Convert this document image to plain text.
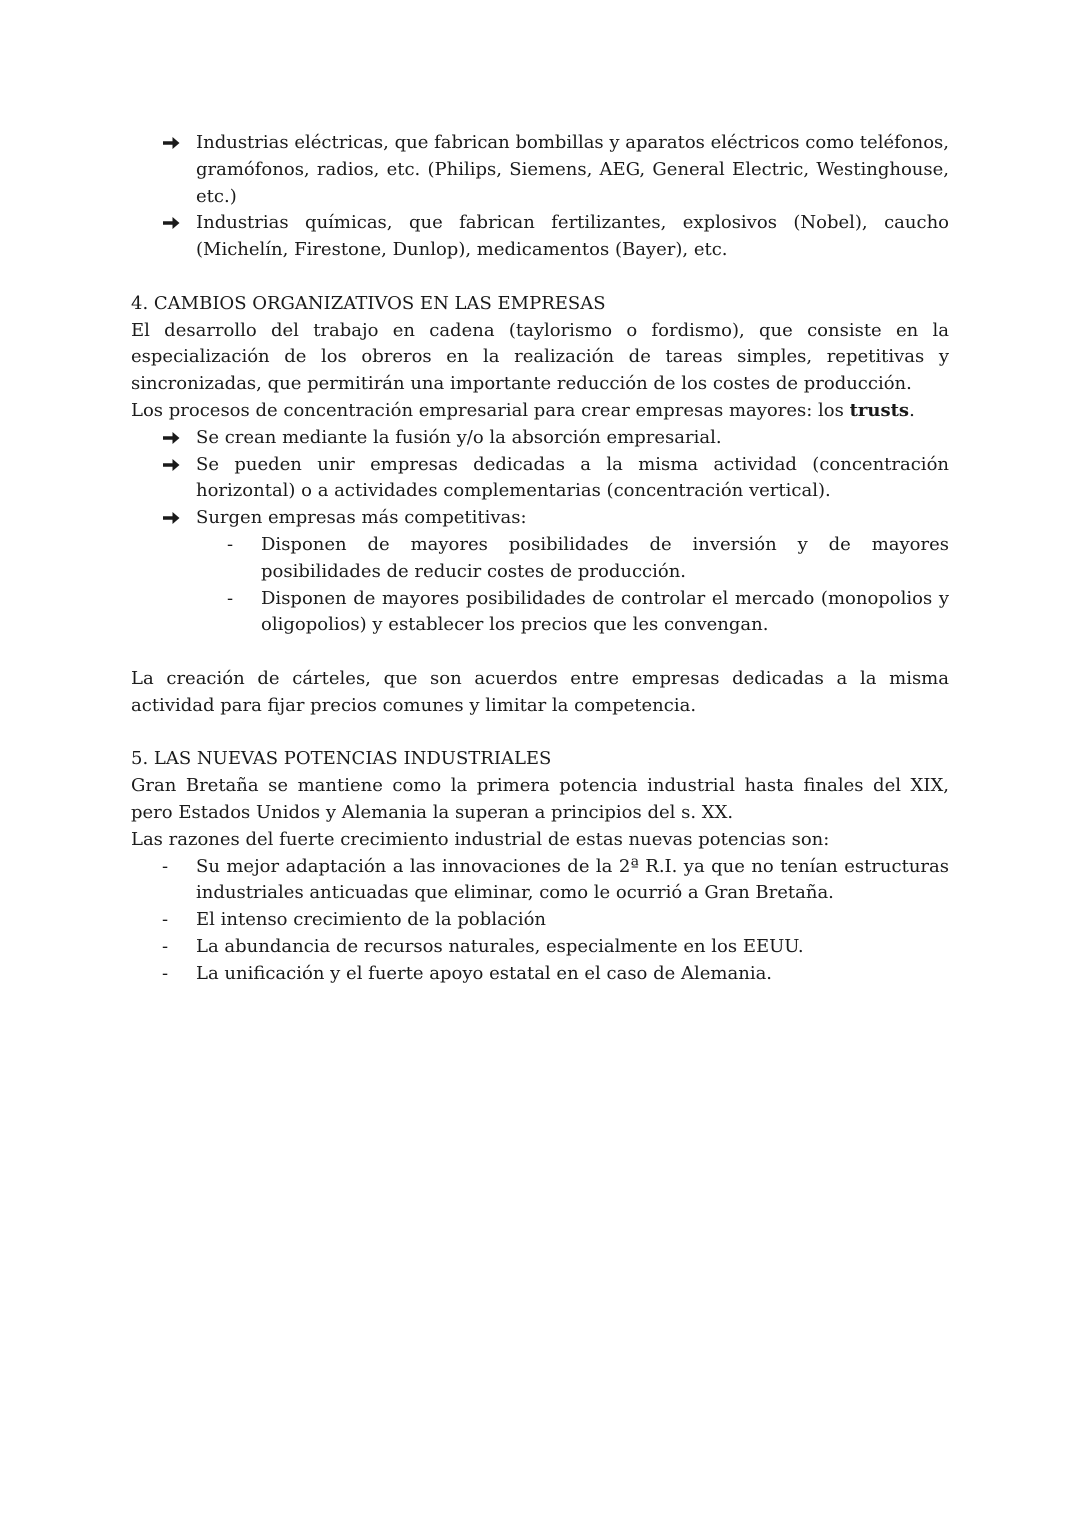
Industrias eléctricas, que fabrican bombillas y aparatos eléctricos como teléfonos, gramófonos, radios, etc. (Philips, Siemens, AEG, General Electric, Westinghouse, etc.)
Industrias químicas, que fabrican fertilizantes, explosivos (Nobel), caucho (Michelín, Firestone, Dunlop), medicamentos (Bayer), etc.

4. CAMBIOS ORGANIZATIVOS EN LAS EMPRESAS

El desarrollo del trabajo en cadena (taylorismo o fordismo), que consiste en la especialización de los obreros en la realización de tareas simples, repetitivas y sincronizadas, que permitirán una importante reducción de los costes de producción.

Los procesos de concentración empresarial para crear empresas mayores: los trusts.

Se crean mediante la fusión y/o la absorción empresarial.
Se pueden unir empresas dedicadas a la misma actividad (concentración horizontal) o a actividades complementarias (concentración vertical).
Surgen empresas más competitivas:
- Disponen de mayores posibilidades de inversión y de mayores posibilidades de reducir costes de producción.
- Disponen de mayores posibilidades de controlar el mercado (monopolios y oligopolios) y establecer los precios que les convengan.

La creación de cárteles, que son acuerdos entre empresas dedicadas a la misma actividad para fijar precios comunes y limitar la competencia.

5. LAS NUEVAS POTENCIAS INDUSTRIALES

Gran Bretaña se mantiene como la primera potencia industrial hasta finales del XIX, pero Estados Unidos y Alemania la superan a principios del s. XX.

Las razones del fuerte crecimiento industrial de estas nuevas potencias son:

- Su mejor adaptación a las innovaciones de la 2ª R.I. ya que no tenían estructuras industriales anticuadas que eliminar, como le ocurrió a Gran Bretaña.
- El intenso crecimiento de la población
- La abundancia de recursos naturales, especialmente en los EEUU.
- La unificación y el fuerte apoyo estatal en el caso de Alemania.
